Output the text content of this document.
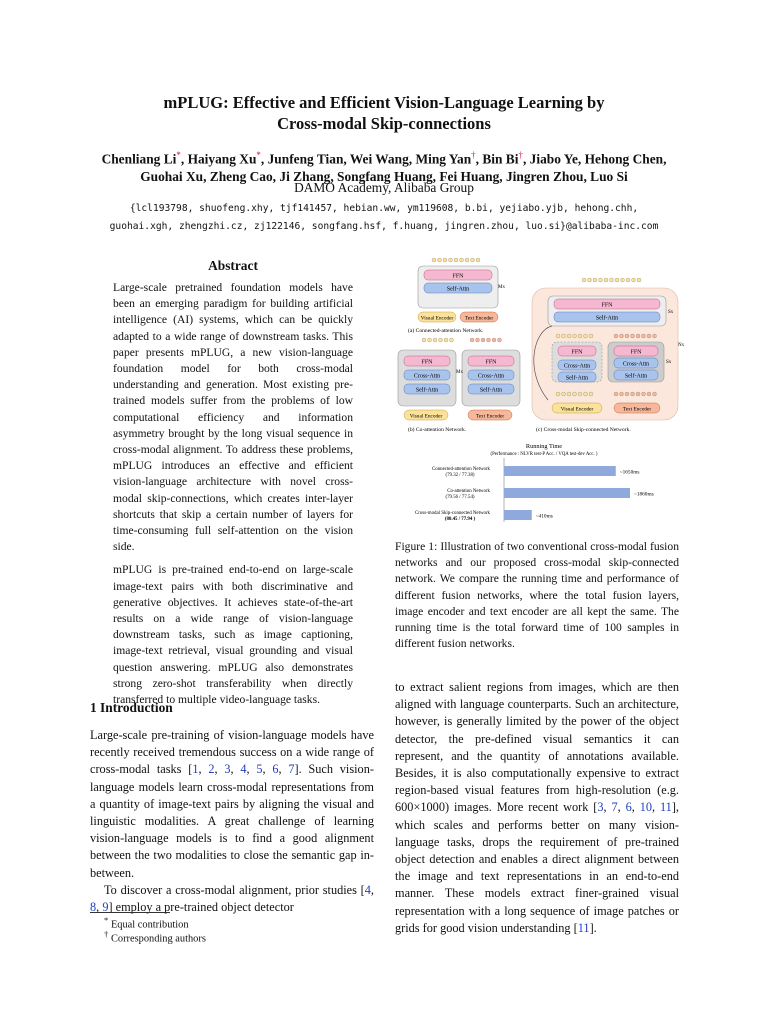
mPLUG: Effective and Efficient Vision-Language Learning by
Cross-modal Skip-connections
Chenliang Li*, Haiyang Xu*, Junfeng Tian, Wei Wang, Ming Yan†, Bin Bi†, Jiabo Ye, Hehong Chen,
Guohai Xu, Zheng Cao, Ji Zhang, Songfang Huang, Fei Huang, Jingren Zhou, Luo Si
DAMO Academy, Alibaba Group
{lcl193798, shuofeng.xhy, tjf141457, hebian.ww, ym119608, b.bi, yejiabo.yjb, hehong.chh,
guohai.xgh, zhengzhi.cz, zj122146, songfang.hsf, f.huang, jingren.zhou, luo.si}@alibaba-inc.com
Abstract

Large-scale pretrained foundation models have been an emerging paradigm for building artificial intelligence (AI) systems, which can be quickly adapted to a wide range of downstream tasks. This paper presents mPLUG, a new vision-language foundation model for both cross-modal understanding and generation. Most existing pre-trained models suffer from the problems of low computational efficiency and information asymmetry brought by the long visual sequence in cross-modal alignment. To address these problems, mPLUG introduces an effective and efficient vision-language architecture with novel cross-modal skip-connections, which creates inter-layer shortcuts that skip a certain number of layers for time-consuming full self-attention on the vision side.

mPLUG is pre-trained end-to-end on large-scale image-text pairs with both discriminative and generative objectives. It achieves state-of-the-art results on a wide range of vision-language downstream tasks, such as image captioning, image-text retrieval, visual grounding and visual question answering. mPLUG also demonstrates strong zero-shot transferability when directly transferred to multiple video-language tasks.

1 Introduction

Large-scale pre-training of vision-language models have recently received tremendous success on a wide range of cross-modal tasks [1, 2, 3, 4, 5, 6, 7]. Such vision-language models learn cross-modal representations from a quantity of image-text pairs by aligning the visual and linguistic modalities. A great challenge of learning vision-language models is to find a good alignment between the two modalities to close the semantic gap in-between.

To discover a cross-modal alignment, prior studies [4, 8, 9] employ a pre-trained object detector

* Equal contribution
† Corresponding authors
FFN
Self-Attn	Mx
Visual Encoder Text Encoder
(a) Connected-attention Network.
FFN
Cross-Attn
Self-Attn
FFN
Cross-Attn
Self-Attn
Mx
Visual Encoder	Text Encoder
(b) Co-attention Network.
FFN
Self-Attn
Sx
Nx
FFN
Cross-Attn
Self-Attn
FFN
Cross-Attn
Self-Attn
Sx
Visual Encoder	Text Encoder
(c) Cross-modal Skip-connected Network.
Running Time
(Performance : NLVR test-P Acc. / VQA test-dev Acc. )
Connected-attention Network
(79.32 / 77.38)	~1650ms
Co-attention Network
(79.56 / 77.54)	~1860ms
Cross-modal Skip-connected Network
(80.45 / 77.94 )	~410ms
Figure 1: Illustration of two conventional cross-modal fusion networks and our proposed cross-modal skip-connected network. We compare the running time and performance of different fusion networks, where the total fusion layers, image encoder and text encoder are all kept the same. The running time is the total forward time of 100 samples in different fusion networks.

to extract salient regions from images, which are then aligned with language counterparts. Such an architecture, however, is generally limited by the power of the object detector, the pre-defined visual semantics it can represent, and the quantity of annotations available. Besides, it is also computationally expensive to extract region-based visual features from high-resolution (e.g. 600×1000) images. More recent work [3, 7, 6, 10, 11], which scales and performs better on many vision-language tasks, drops the requirement of pre-trained object detection and enables a direct alignment between the image and text representations in an end-to-end manner. These models extract finer-grained visual representation with a long sequence of image patches or grids for good vision understanding [11].
